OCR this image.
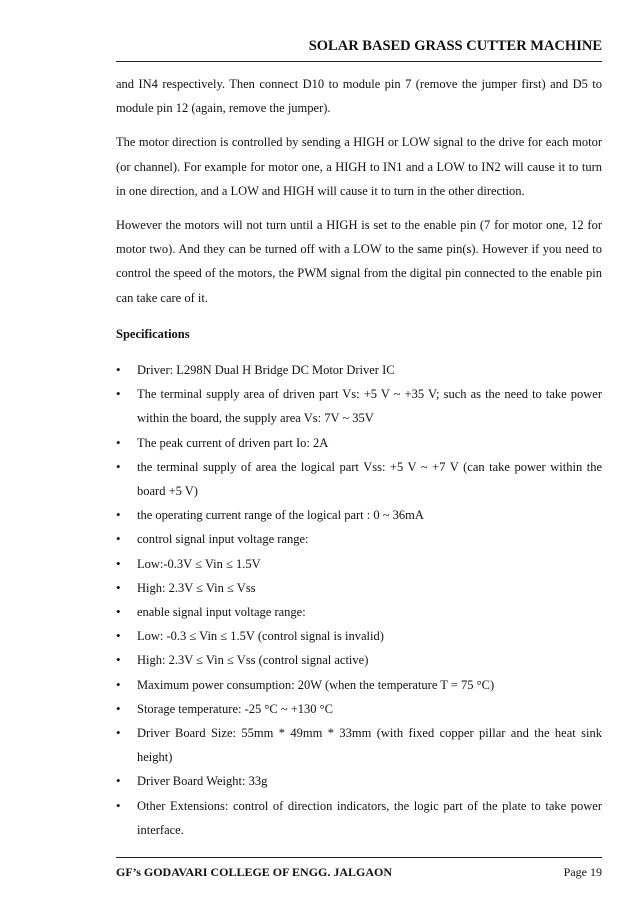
SOLAR BASED GRASS CUTTER MACHINE

and IN4 respectively. Then connect D10 to module pin 7 (remove the jumper first) and D5 to module pin 12 (again, remove the jumper).

The motor direction is controlled by sending a HIGH or LOW signal to the drive for each motor (or channel). For example for motor one, a HIGH to IN1 and a LOW to IN2 will cause it to turn in one direction, and a LOW and HIGH will cause it to turn in the other direction.

However the motors will not turn until a HIGH is set to the enable pin (7 for motor one, 12 for motor two). And they can be turned off with a LOW to the same pin(s). However if you need to control the speed of the motors, the PWM signal from the digital pin connected to the enable pin can take care of it.

Specifications
• Driver: L298N Dual H Bridge DC Motor Driver IC
• The terminal supply area of driven part Vs: +5 V ~ +35 V; such as the need to take power within the board, the supply area Vs: 7V ~ 35V
• The peak current of driven part Io: 2A
• the terminal supply of area the logical part Vss: +5 V ~ +7 V (can take power within the board +5 V)
• the operating current range of the logical part : 0 ~ 36mA
• control signal input voltage range:
• Low:-0.3V ≤ Vin ≤ 1.5V
• High: 2.3V ≤ Vin ≤ Vss
• enable signal input voltage range:
• Low: -0.3 ≤ Vin ≤ 1.5V (control signal is invalid)
• High: 2.3V ≤ Vin ≤ Vss (control signal active)
• Maximum power consumption: 20W (when the temperature T = 75 °C)
• Storage temperature: -25 °C ~ +130 °C
• Driver Board Size: 55mm * 49mm * 33mm (with fixed copper pillar and the heat sink height)
• Driver Board Weight: 33g
• Other Extensions: control of direction indicators, the logic part of the plate to take power interface.
GF’s GODAVARI COLLEGE OF ENGG. JALGAON	Page 19
